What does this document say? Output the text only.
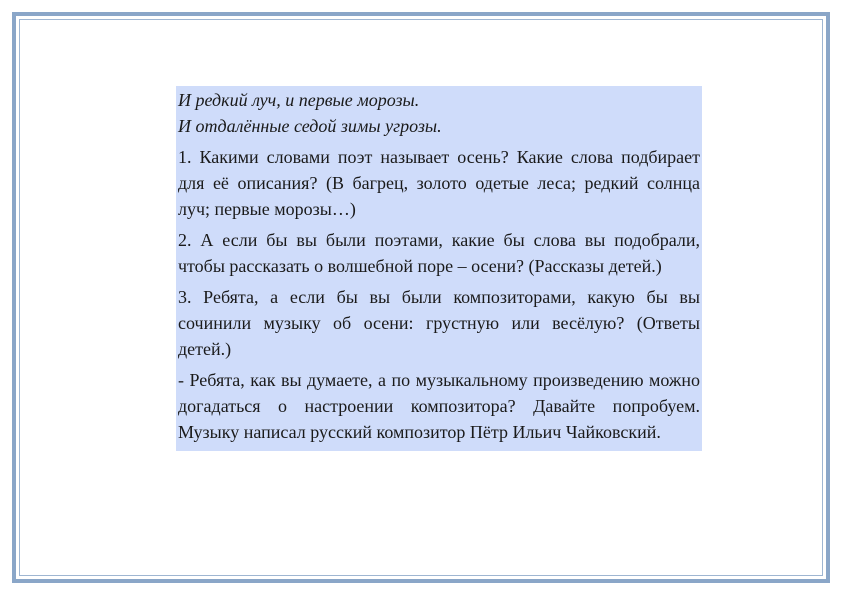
И редкий луч, и первые морозы.

И отдалённые седой зимы угрозы.

1. Какими словами поэт называет осень? Какие слова подбирает для её описания? (В багрец, золото одетые леса; редкий солнца луч; первые морозы…)

2. А если бы вы были поэтами, какие бы слова вы подобрали, чтобы рассказать о волшебной поре – осени? (Рассказы детей.)

3. Ребята, а если бы вы были композиторами, какую бы вы сочинили музыку об осени: грустную или весёлую? (Ответы детей.)

- Ребята, как вы думаете, а по музыкальному произведению можно догадаться о настроении композитора? Давайте попробуем. Музыку написал русский композитор Пётр Ильич Чайковский.
